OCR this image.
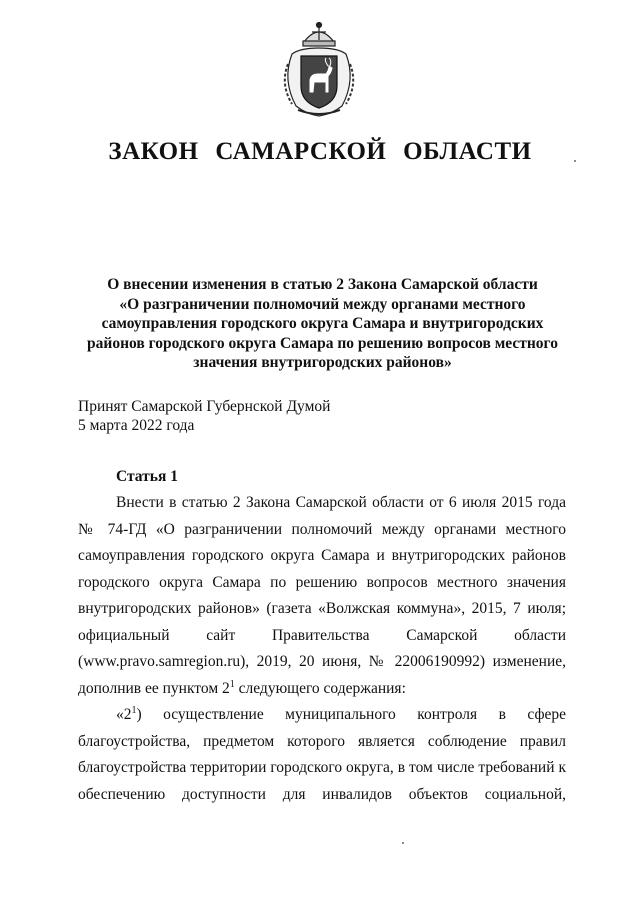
ЗАКОН САМАРСКОЙ ОБЛАСТИ
О внесении изменения в статью 2 Закона Самарской области
«О разграничении полномочий между органами местного
самоуправления городского округа Самара и внутригородских
районов городского округа Самара по решению вопросов местного
значения внутригородских районов»
Принят Самарской Губернской Думой
5 марта 2022 года
Статья 1

Внести в статью 2 Закона Самарской области от 6 июля 2015 года № 74-ГД «О разграничении полномочий между органами местного самоуправления городского округа Самара и внутригородских районов городского округа Самара по решению вопросов местного значения внутригородских районов» (газета «Волжская коммуна», 2015, 7 июля; официальный сайт Правительства Самарской области (www.pravo.samregion.ru), 2019, 20 июня, № 22006190992) изменение, дополнив ее пунктом $2^1$ следующего содержания:

«$2^1$) осуществление муниципального контроля в сфере благоустройства, предметом которого является соблюдение правил благоустройства территории городского округа, в том числе требований к обеспечению доступности для инвалидов объектов социальной,
